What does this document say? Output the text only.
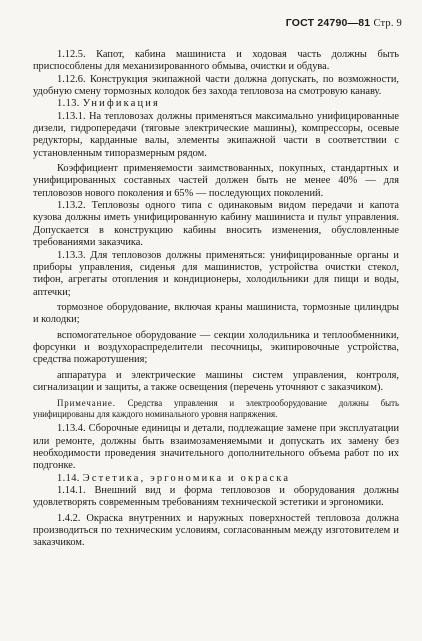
ГОСТ 24790—81 Стр. 9

1.12.5. Капот, кабина машиниста и ходовая часть должны быть приспособлены для механизированного обмыва, очистки и обдува.

1.12.6. Конструкция экипажной части должна допускать, по возможности, удобную смену тормозных колодок без захода тепловоза на смотровую канаву.

1.13. Унификация

1.13.1. На тепловозах должны применяться максимально унифицированные дизели, гидропередачи (тяговые электрические машины), компрессоры, осевые редукторы, карданные валы, элементы экипажной части в соответствии с установленным типоразмерным рядом.

Коэффициент применяемости заимствованных, покупных, стандартных и унифицированных составных частей должен быть не менее 40% — для тепловозов нового поколения и 65% — последующих поколений.

1.13.2. Тепловозы одного типа с одинаковым видом передачи и капота кузова должны иметь унифицированную кабину машиниста и пульт управления. Допускается в конструкцию кабины вносить изменения, обусловленные требованиями заказчика.

1.13.3. Для тепловозов должны применяться: унифицированные органы и приборы управления, сиденья для машинистов, устройства очистки стекол, тифон, агрегаты отопления и кондиционеры, холодильники для пищи и воды, аптечки;

тормозное оборудование, включая краны машиниста, тормозные цилиндры и колодки;

вспомогательное оборудование — секции холодильника и теплообменники, форсунки и воздухораспределители песочницы, экипировочные устройства, средства пожаротушения;

аппаратура и электрические машины систем управления, контроля, сигнализации и защиты, а также освещения (перечень уточняют с заказчиком).

Примечание. Средства управления и электрооборудование должны быть унифицированы для каждого номинального уровня напряжения.

1.13.4. Сборочные единицы и детали, подлежащие замене при эксплуатации или ремонте, должны быть взаимозаменяемыми и допускать их замену без необходимости проведения значительного дополнительного объема работ по их подгонке.

1.14. Эстетика, эргономика и окраска

1.14.1. Внешний вид и форма тепловозов и оборудования должны удовлетворять современным требованиям технической эстетики и эргономики.

1.4.2. Окраска внутренних и наружных поверхностей тепловоза должна производиться по техническим условиям, согласованным между изготовителем и заказчиком.
